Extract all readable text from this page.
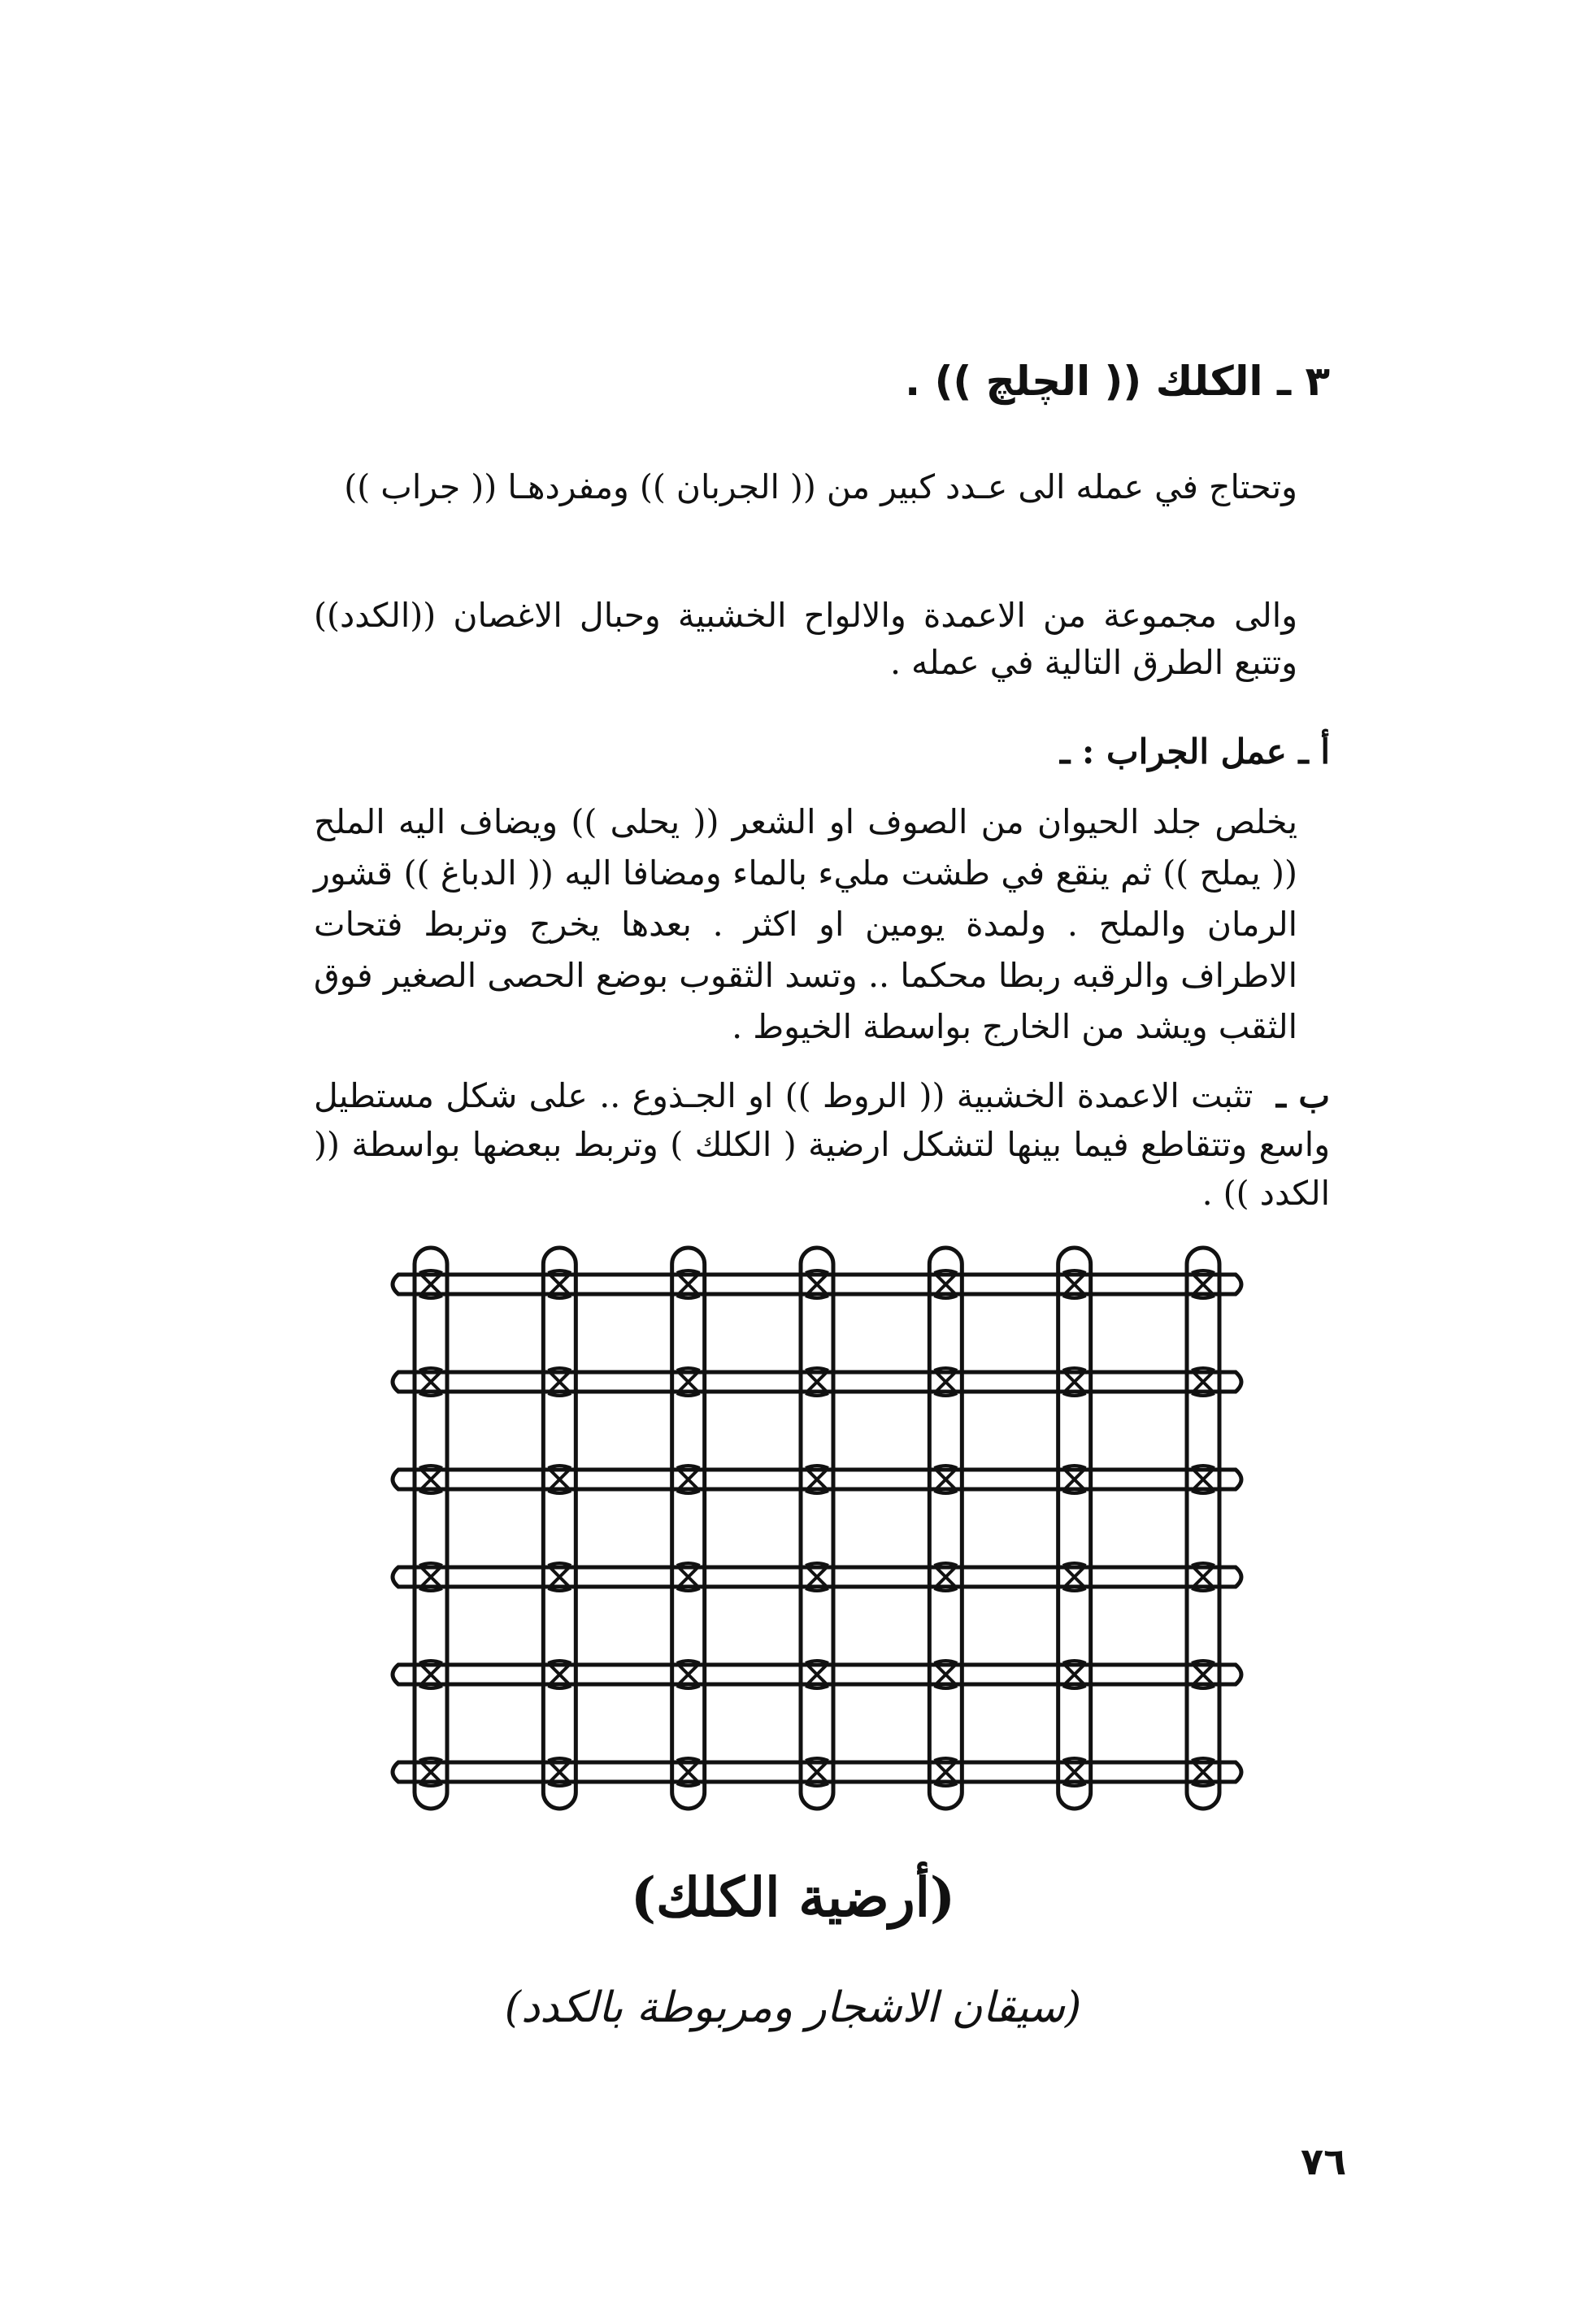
٣ ـ الكلك (( الچلچ )) .

وتحتاج في عمله الى عـدد كبير من (( الجربان )) ومفردهـا (( جراب ))

والى مجموعة من الاعمدة والالواح الخشبية وحبال الاغصان ((الكدد)) وتتبع الطرق التالية في عمله .

أ ـ عمل الجراب : ـ

يخلص جلد الحيوان من الصوف او الشعر (( يحلى )) ويضاف اليه الملح (( يملح )) ثم ينقع في طشت مليء بالماء ومضافا اليه (( الدباغ )) قشور الرمان والملح . ولمدة يومين او اكثر . بعدها يخرج وتربط فتحات الاطراف والرقبه ربطا محكما .. وتسد الثقوب بوضع الحصى الصغير فوق الثقب ويشد من الخارج بواسطة الخيوط .

ب ـ تثبت الاعمدة الخشبية (( الروط )) او الجـذوع .. على شكل مستطيل واسع وتتقاطع فيما بينها لتشكل ارضية ( الكلك ) وتربط ببعضها بواسطة (( الكدد )) .

(أرضية الكلك)

(سيقان الاشجار ومربوطة بالكدد)

٧٦
